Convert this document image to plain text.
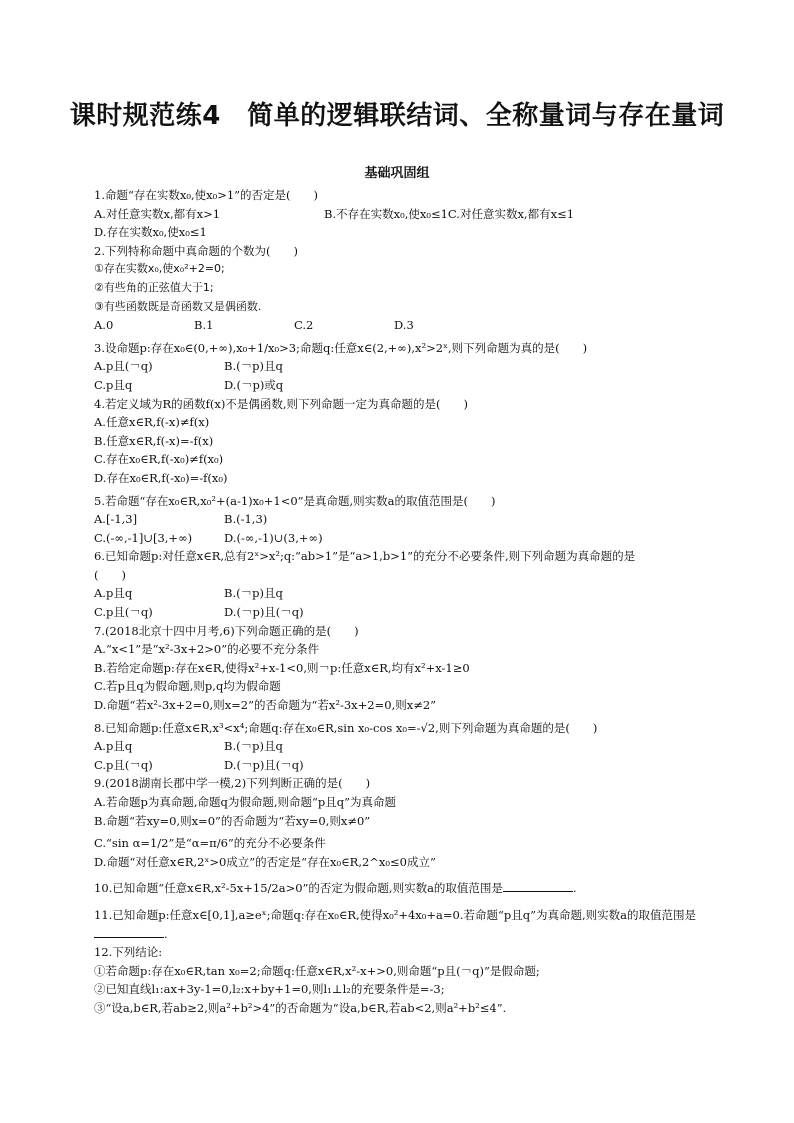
课时规范练4　简单的逻辑联结词、全称量词与存在量词
基础巩固组
1.命题“存在实数x₀,使x₀>1”的否定是(　　)
A.对任意实数x,都有x>1	B.不存在实数x₀,使x₀≤1 C.对任意实数x,都有x≤1
D.存在实数x₀,使x₀≤1
2.下列特称命题中真命题的个数为(　　)
①存在实数x₀,使x₀²+2=0;
②有些角的正弦值大于1;
③有些函数既是奇函数又是偶函数.
A.0	B.1	C.2	D.3
3.设命题p:存在x₀∈(0,+∞),x₀+1/x₀>3;命题q:任意x∈(2,+∞),x²>2ˣ,则下列命题为真的是(　　)
A.p且(￢q)	B.(￢p)且q
C.p且q	D.(￢p)或q
4.若定义域为R的函数f(x)不是偶函数,则下列命题一定为真命题的是(　　)
A.任意x∈R,f(-x)≠f(x)
B.任意x∈R,f(-x)=-f(x)
C.存在x₀∈R,f(-x₀)≠f(x₀)
D.存在x₀∈R,f(-x₀)=-f(x₀)
5.若命题“存在x₀∈R,x₀²+(a-1)x₀+1<0”是真命题,则实数a的取值范围是(　　)
A.[-1,3]	B.(-1,3)
C.(-∞,-1]∪[3,+∞)	D.(-∞,-1)∪(3,+∞)
6.已知命题p:对任意x∈R,总有2ˣ>x²;q:“ab>1”是“a>1,b>1”的充分不必要条件,则下列命题为真命题的是　　　　　(　　)
A.p且q	B.(￢p)且q
C.p且(￢q)	D.(￢p)且(￢q)
7.(2018北京十四中月考,6)下列命题正确的是(　　)
A.“x<1”是“x²-3x+2>0”的必要不充分条件
B.若给定命题p:存在x∈R,使得x²+x-1<0,则￢p:任意x∈R,均有x²+x-1≥0
C.若p且q为假命题,则p,q均为假命题
D.命题“若x²-3x+2=0,则x=2”的否命题为“若x²-3x+2=0,则x≠2”
8.已知命题p:任意x∈R,x³<x⁴;命题q:存在x₀∈R,sin x₀-cos x₀=-√2,则下列命题为真命题的是(　　)
A.p且q	B.(￢p)且q
C.p且(￢q)	D.(￢p)且(￢q)
9.(2018湖南长郡中学一模,2)下列判断正确的是(　　)
A.若命题p为真命题,命题q为假命题,则命题“p且q”为真命题
B.命题“若xy=0,则x=0”的否命题为“若xy=0,则x≠0”
C.“sin α=1/2”是“α=π/6”的充分不必要条件
D.命题“对任意x∈R,2ˣ>0成立”的否定是“存在x₀∈R,2^x₀≤0成立”
10.已知命题“任意x∈R,x²-5x+15/2a>0”的否定为假命题,则实数a的取值范围是	.
11.已知命题p:任意x∈[0,1],a≥eˣ;命题q:存在x₀∈R,使得x₀²+4x₀+a=0.若命题“p且q”为真命题,则实数a的取值范围是.
12.下列结论:
①若命题p:存在x₀∈R,tan x₀=2;命题q:任意x∈R,x²-x+>0,则命题“p且(￢q)”是假命题;
②已知直线l₁:ax+3y-1=0,l₂:x+by+1=0,则l₁⊥l₂的充要条件是=-3;
③“设a,b∈R,若ab≥2,则a²+b²>4”的否命题为“设a,b∈R,若ab<2,则a²+b²≤4”.
